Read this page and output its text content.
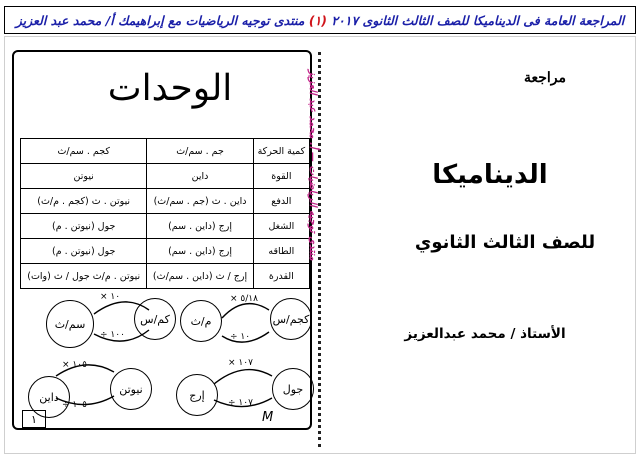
المراجعة العامة فى الديناميكا للصف الثالث الثانوى ٢٠١٧ (١) منتدى توجيه الرياضيات مع إبراهيمك أ/ محمد عبد العزيز
الوحدات
كمية الحركة	جم . سم/ث	كجم . سم/ث
القوة	داين	نيوتن
الدفع	داين . ث (جم . سم/ث)	نيوتن . ث (كجم . م/ث)
الشغل	إرج (داين . سم)	جول (نيوتن . م)
الطاقه	إرج (داين . سم)	جول (نيوتن . م)
القدرة	إرج / ث (داين . سم/ث)	نيوتن . م/ث جول / ث (وات)
كجم/س
م/ث
كم/س
سم/ث
جول
إرج
نيوتن
داين
× ٥/١٨
÷ ١٠
× ١٠
÷ ١٠٠
× ١٠٧
÷ ١٠٧
× ١٠٥
÷ ١٠٥
١	M
منتدى توجيه الرياضيات — أ. محمد عبد العزيز	مراجعة
الديناميكا
للصف الثالث الثانوي
الأستاذ / محمد عبدالعزيز
